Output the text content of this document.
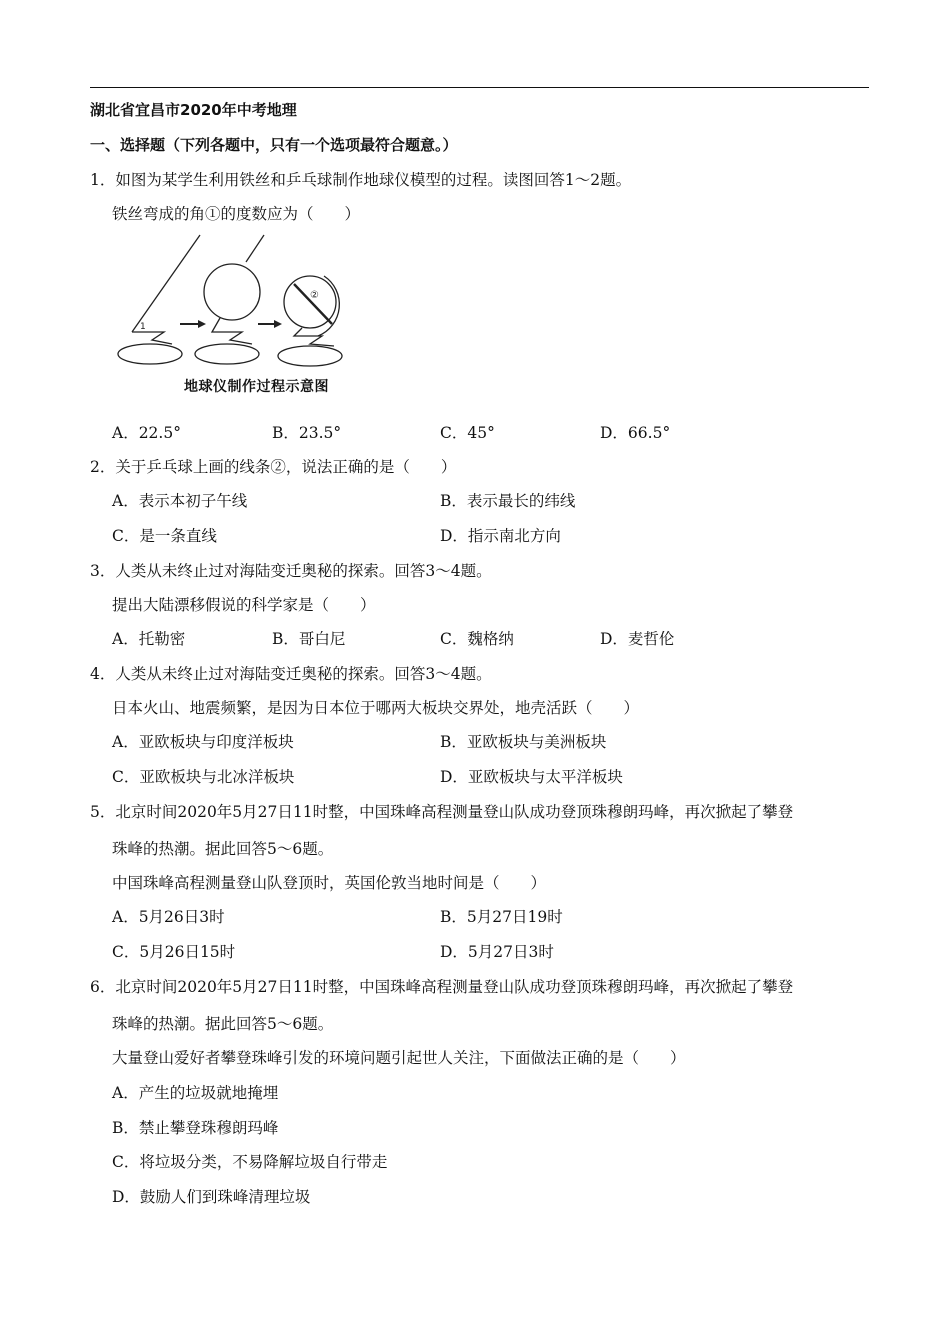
湖北省宜昌市2020年中考地理
一、选择题（下列各题中，只有一个选项最符合题意。）
1．如图为某学生利用铁丝和乒乓球制作地球仪模型的过程。读图回答1～2题。
铁丝弯成的角①的度数应为（　　）
1
②
地球仪制作过程示意图
A．22.5°	B．23.5°	C．45°	D．66.5°
2．关于乒乓球上画的线条②，说法正确的是（　　）
A．表示本初子午线	B．表示最长的纬线
C．是一条直线	D．指示南北方向
3．人类从未终止过对海陆变迁奥秘的探索。回答3～4题。
提出大陆漂移假说的科学家是（　　）
A．托勒密	B．哥白尼	C．魏格纳	D．麦哲伦
4．人类从未终止过对海陆变迁奥秘的探索。回答3～4题。
日本火山、地震频繁，是因为日本位于哪两大板块交界处，地壳活跃（　　）
A．亚欧板块与印度洋板块	B．亚欧板块与美洲板块
C．亚欧板块与北冰洋板块	D．亚欧板块与太平洋板块
5．北京时间2020年5月27日11时整，中国珠峰高程测量登山队成功登顶珠穆朗玛峰，再次掀起了攀登
珠峰的热潮。据此回答5～6题。
中国珠峰高程测量登山队登顶时，英国伦敦当地时间是（　　）
A．5月26日3时	B．5月27日19时
C．5月26日15时	D．5月27日3时
6．北京时间2020年5月27日11时整，中国珠峰高程测量登山队成功登顶珠穆朗玛峰，再次掀起了攀登
珠峰的热潮。据此回答5～6题。
大量登山爱好者攀登珠峰引发的环境问题引起世人关注，下面做法正确的是（　　）
A．产生的垃圾就地掩埋
B．禁止攀登珠穆朗玛峰
C．将垃圾分类，不易降解垃圾自行带走
D．鼓励人们到珠峰清理垃圾
